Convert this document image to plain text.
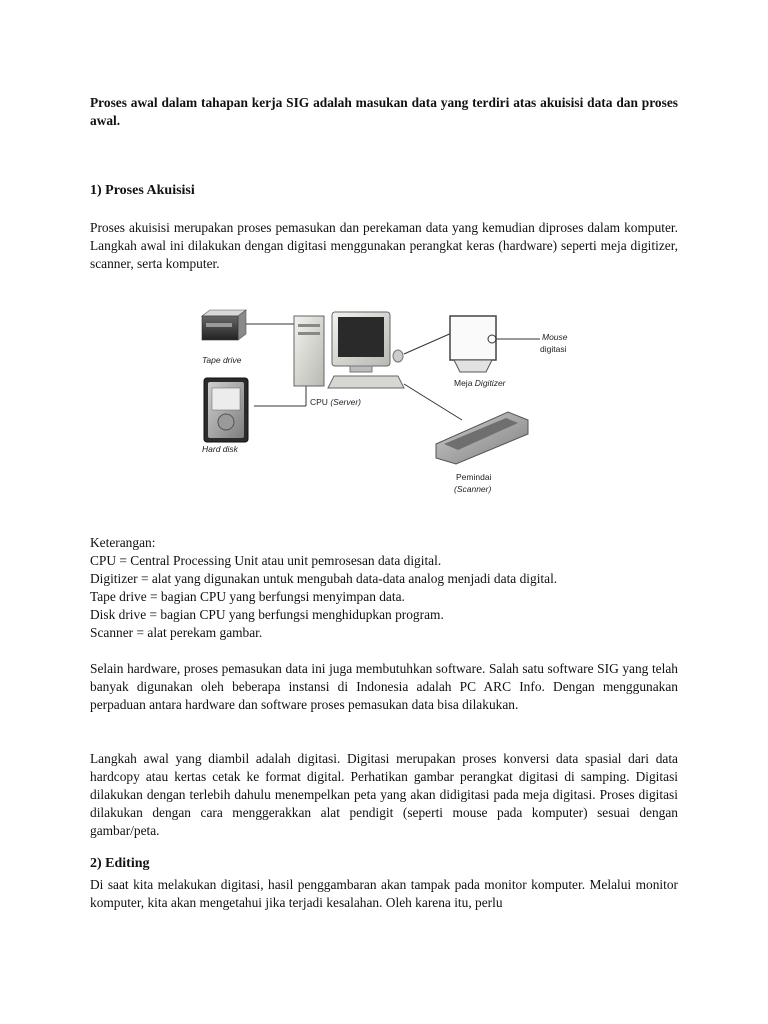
Proses awal dalam tahapan kerja SIG adalah masukan data yang terdiri atas akuisisi data dan proses awal.

1) Proses Akuisisi

Proses akuisisi merupakan proses pemasukan dan perekaman data yang kemudian diproses dalam komputer. Langkah awal ini dilakukan dengan digitasi menggunakan perangkat keras (hardware) seperti meja digitizer, scanner, serta komputer.

Tape drive
Hard disk
CPU (Server)
Mouse
digitasi
Meja Digitizer
Pemindai
(Scanner)
Keterangan:
CPU = Central Processing Unit atau unit pemrosesan data digital.
Digitizer = alat yang digunakan untuk mengubah data-data analog menjadi data digital.
Tape drive = bagian CPU yang berfungsi menyimpan data.
Disk drive = bagian CPU yang berfungsi menghidupkan program.
Scanner = alat perekam gambar.

Selain hardware, proses pemasukan data ini juga membutuhkan software. Salah satu software SIG yang telah banyak digunakan oleh beberapa instansi di Indonesia adalah PC ARC Info. Dengan menggunakan perpaduan antara hardware dan software proses pemasukan data bisa dilakukan.

Langkah awal yang diambil adalah digitasi. Digitasi merupakan proses konversi data spasial dari data hardcopy atau kertas cetak ke format digital. Perhatikan gambar perangkat digitasi di samping. Digitasi dilakukan dengan terlebih dahulu menempelkan peta yang akan didigitasi pada meja digitasi. Proses digitasi dilakukan dengan cara menggerakkan alat pendigit (seperti mouse pada komputer) sesuai dengan gambar/peta.

2) Editing

Di saat kita melakukan digitasi, hasil penggambaran akan tampak pada monitor komputer. Melalui monitor komputer, kita akan mengetahui jika terjadi kesalahan. Oleh karena itu, perlu
